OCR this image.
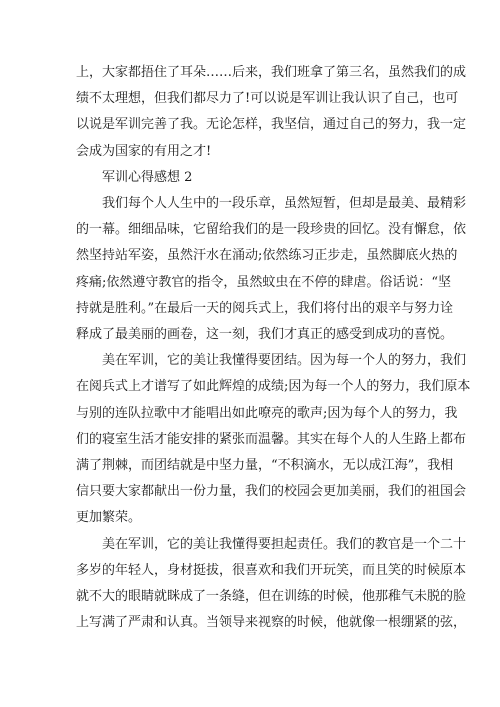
上，大家都捂住了耳朵……后来，我们班拿了第三名，虽然我们的成
绩不太理想，但我们都尽力了!可以说是军训让我认识了自己，也可
以说是军训完善了我。无论怎样，我坚信，通过自己的努力，我一定
会成为国家的有用之才!
军训心得感想 2
我们每个人人生中的一段乐章，虽然短暂，但却是最美、最精彩
的一幕。细细品味，它留给我们的是一段珍贵的回忆。没有懈怠，依
然坚持站军姿，虽然汗水在涌动;依然练习正步走，虽然脚底火热的
疼痛;依然遵守教官的指令，虽然蚊虫在不停的肆虐。俗话说：“坚
持就是胜利。”在最后一天的阅兵式上，我们将付出的艰辛与努力诠
释成了最美丽的画卷，这一刻，我们才真正的感受到成功的喜悦。
美在军训，它的美让我懂得要团结。因为每一个人的努力，我们
在阅兵式上才谱写了如此辉煌的成绩;因为每一个人的努力，我们原本
与别的连队拉歌中才能唱出如此嘹亮的歌声;因为每个人的努力，我
们的寝室生活才能安排的紧张而温馨。其实在每个人的人生路上都布
满了荆棘，而团结就是中坚力量，“不积滴水，无以成江海”，我相
信只要大家都献出一份力量，我们的校园会更加美丽，我们的祖国会
更加繁荣。
美在军训，它的美让我懂得要担起责任。我们的教官是一个二十
多岁的年轻人，身材挺拔，很喜欢和我们开玩笑，而且笑的时候原本
就不大的眼睛就眯成了一条缝，但在训练的时候，他那稚气未脱的脸
上写满了严肃和认真。当领导来视察的时候，他就像一根绷紧的弦，
